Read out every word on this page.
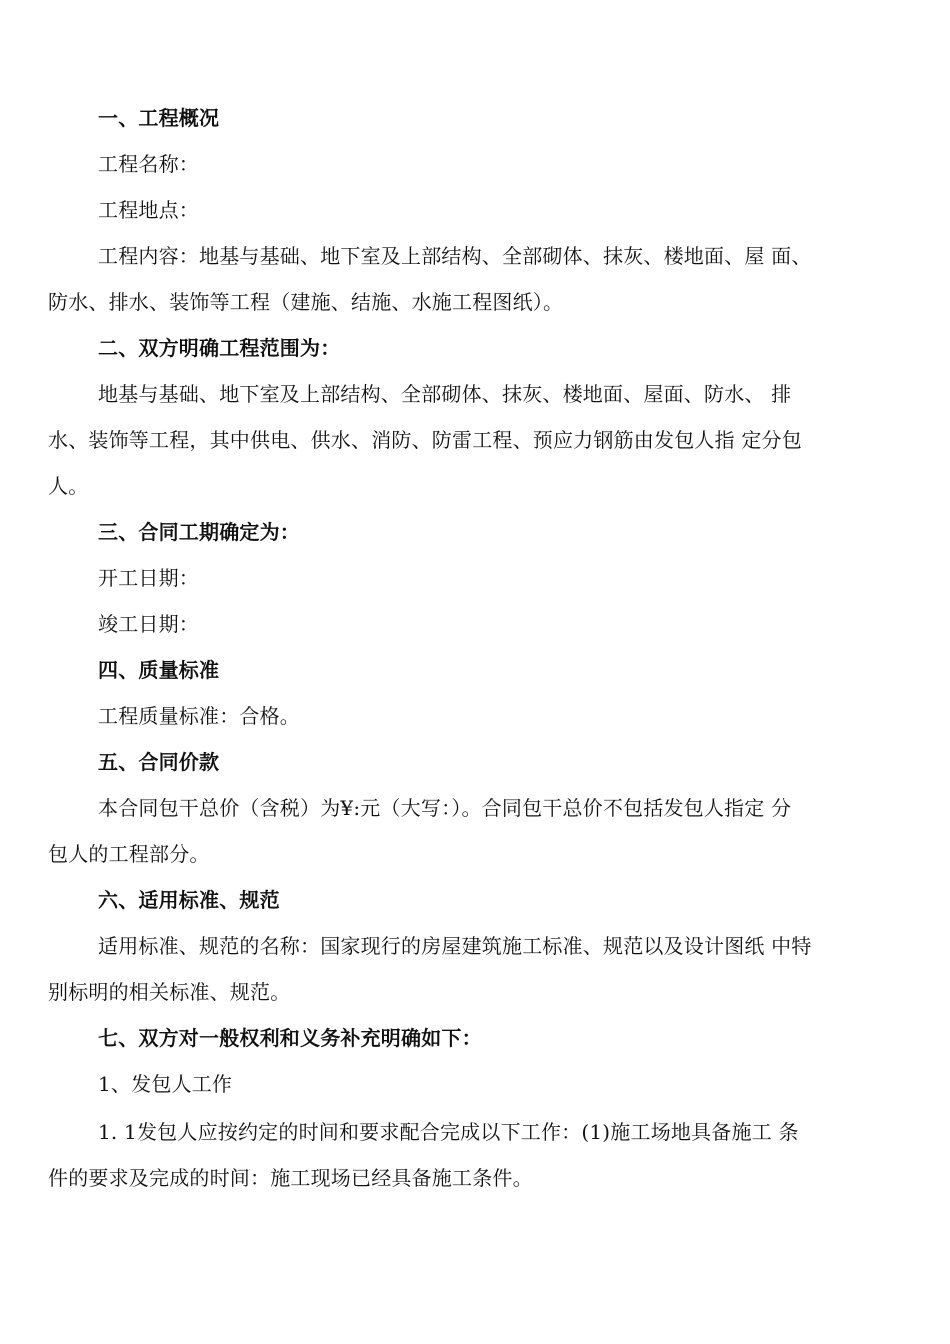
一、工程概况
工程名称：
工程地点：
工程内容：地基与基础、地下室及上部结构、全部砌体、抹灰、楼地面、屋 面、
防水、排水、装饰等工程（建施、结施、水施工程图纸）。
二、双方明确工程范围为：
地基与基础、地下室及上部结构、全部砌体、抹灰、楼地面、屋面、防水、 排
水、装饰等工程，其中供电、供水、消防、防雷工程、预应力钢筋由发包人指 定分包
人。
三、合同工期确定为：
开工日期：
竣工日期：
四、质量标准
工程质量标准：合格。
五、合同价款
本合同包干总价（含税）为¥:元（大写：）。合同包干总价不包括发包人指定 分
包人的工程部分。
六、适用标准、规范
适用标准、规范的名称：国家现行的房屋建筑施工标准、规范以及设计图纸 中特
别标明的相关标准、规范。
七、双方对一般权利和义务补充明确如下：
1、发包人工作
1. 1发包人应按约定的时间和要求配合完成以下工作：(1)施工场地具备施工 条
件的要求及完成的时间：施工现场已经具备施工条件。
